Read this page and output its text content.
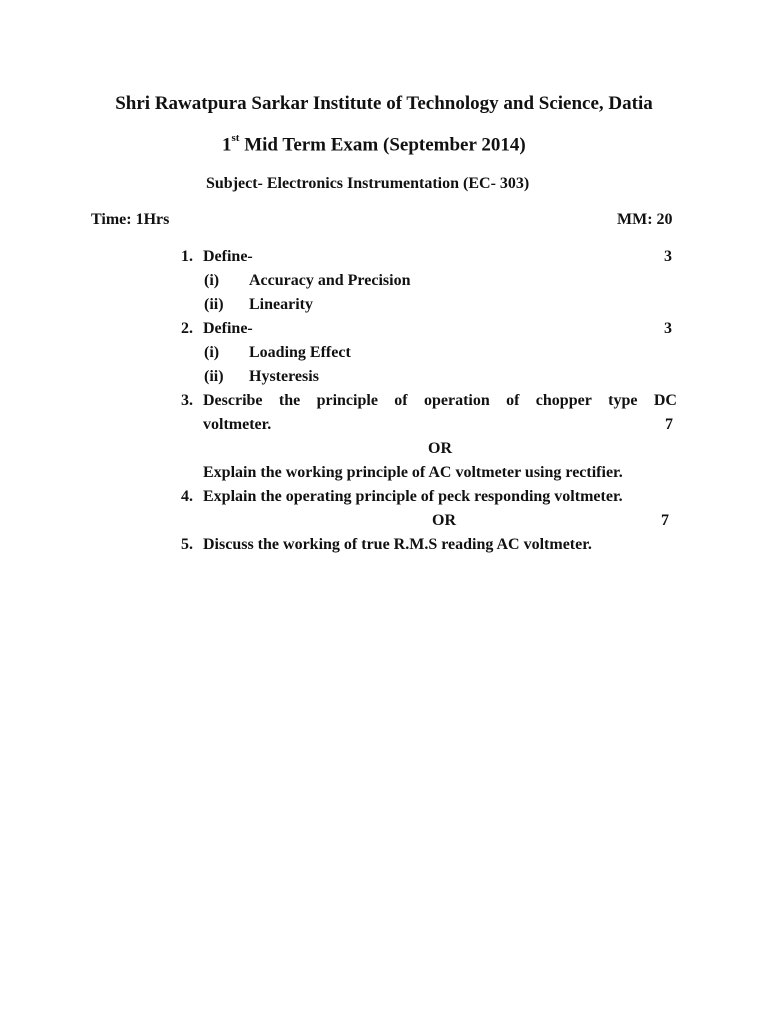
Shri Rawatpura Sarkar Institute of Technology and Science, Datia
1st Mid Term Exam (September 2014)
Subject- Electronics Instrumentation (EC- 303)
Time: 1Hrs	MM: 20
1. Define-	3
(i) Accuracy and Precision
(ii) Linearity
2. Define-	3
(i) Loading Effect
(ii) Hysteresis
3. Describe the principle of operation of chopper type DC
voltmeter.	7
OR
Explain the working principle of AC voltmeter using rectifier.
4. Explain the operating principle of peck responding voltmeter.
OR	7
5. Discuss the working of true R.M.S reading AC voltmeter.
